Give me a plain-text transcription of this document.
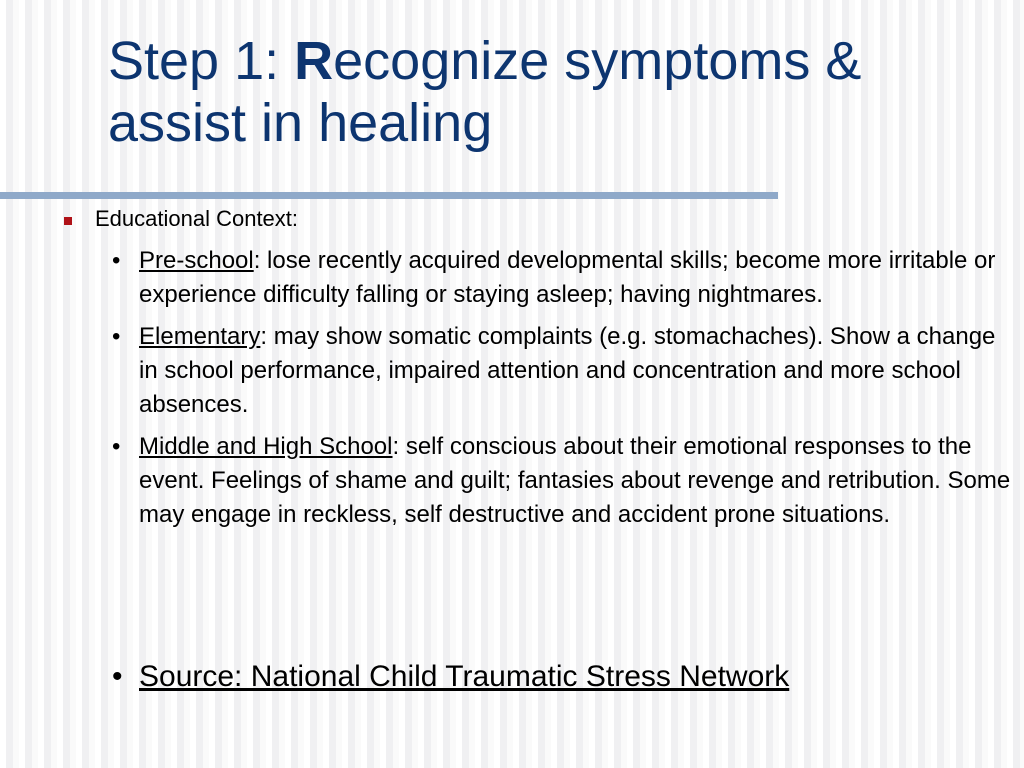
Step 1: Recognize symptoms & assist in healing
Educational Context:
• Pre-school: lose recently acquired developmental skills; become more irritable or experience difficulty falling or staying asleep; having nightmares.
• Elementary: may show somatic complaints (e.g. stomachaches). Show a change in school performance, impaired attention and concentration and more school absences.
• Middle and High School: self conscious about their emotional responses to the event. Feelings of shame and guilt; fantasies about revenge and retribution. Some may engage in reckless, self destructive and accident prone situations.
• Source: National Child Traumatic Stress Network
